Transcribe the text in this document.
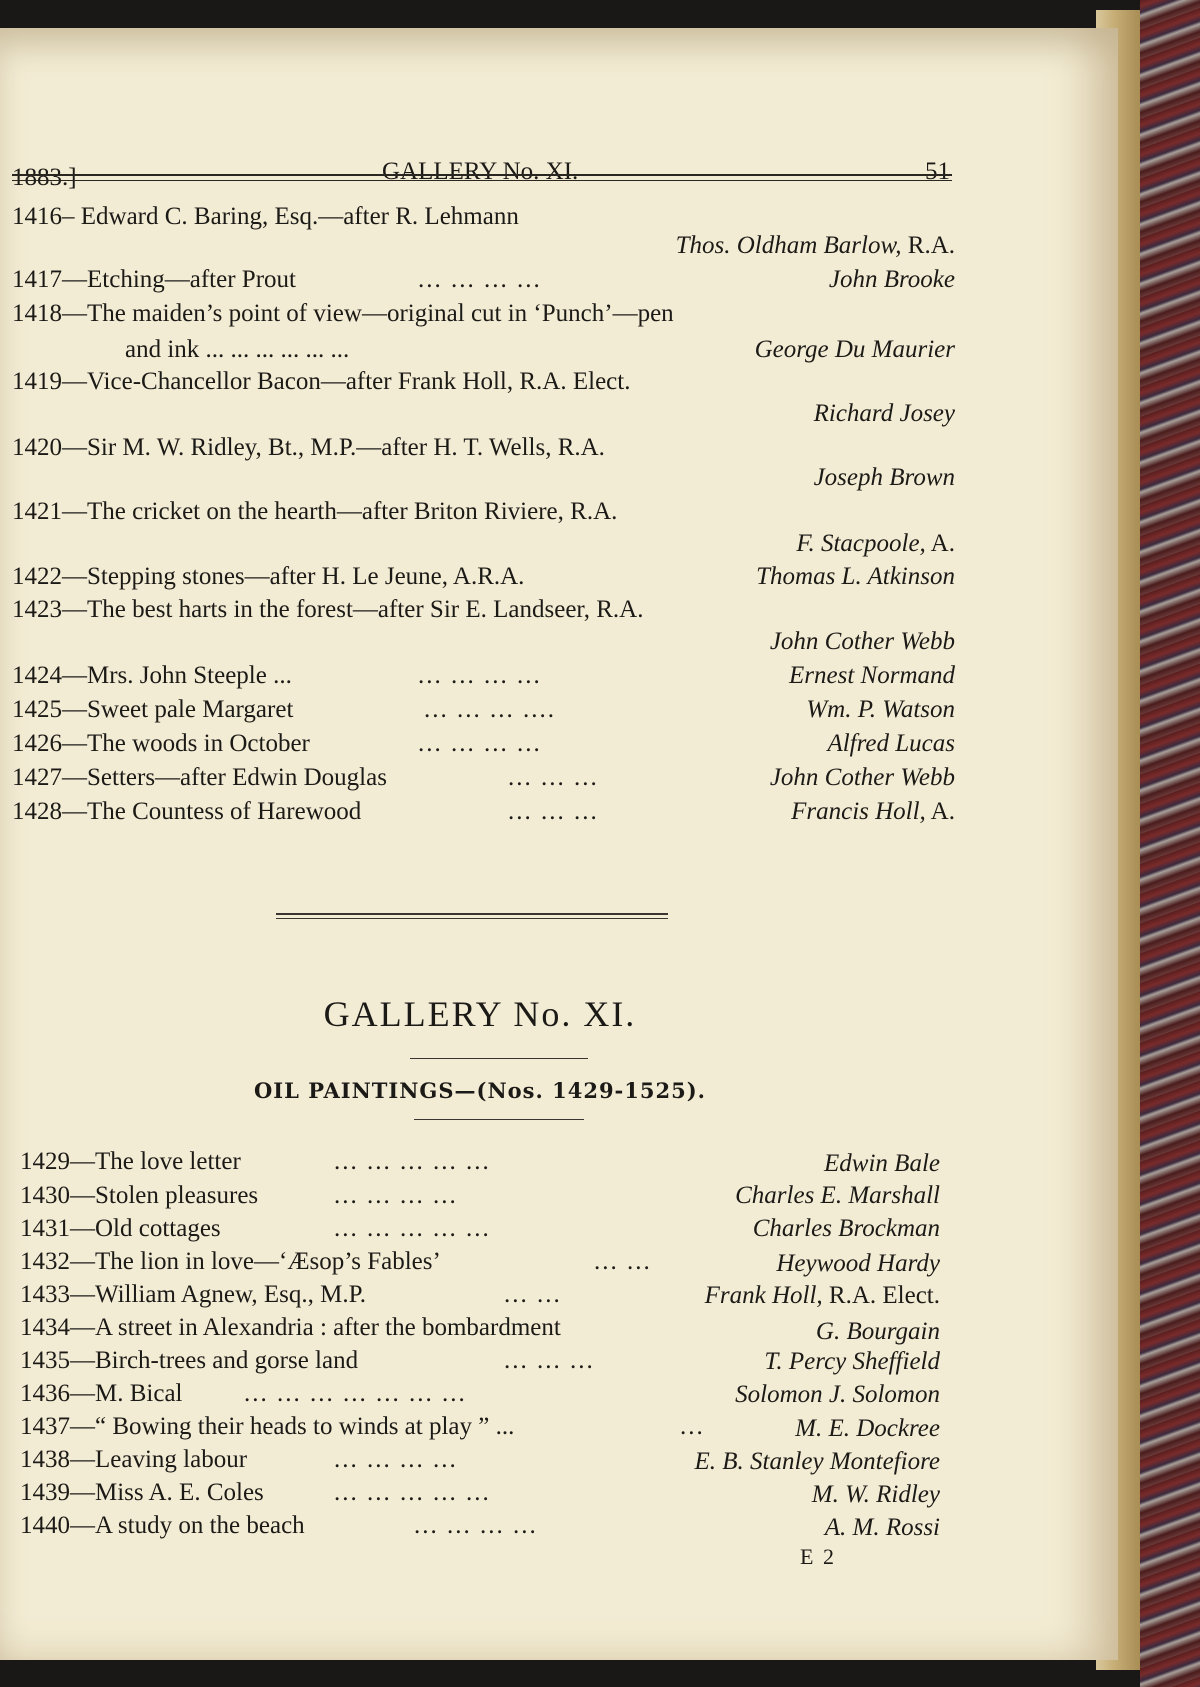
1883.]	GALLERY No. XI.	51
1416– Edward C. Baring, Esq.—after R. Lehmann
Thos. Oldham Barlow, R.A.
1417—Etching—after Prout	... ... ... ...	John Brooke
1418—The maiden’s point of view—original cut in ‘Punch’—pen
and ink ... ... ... ... ... ...	George Du Maurier
1419—Vice-Chancellor Bacon—after Frank Holl, R.A. Elect.
Richard Josey
1420—Sir M. W. Ridley, Bt., M.P.—after H. T. Wells, R.A.
Joseph Brown
1421—The cricket on the hearth—after Briton Riviere, R.A.
F. Stacpoole, A.
1422—Stepping stones—after H. Le Jeune, A.R.A.	Thomas L. Atkinson
1423—The best harts in the forest—after Sir E. Landseer, R.A.
John Cother Webb
1424—Mrs. John Steeple ...	... ... ... ...	Ernest Normand
1425—Sweet pale Margaret	... ... ... ....	Wm. P. Watson
1426—The woods in October	... ... ... ...	Alfred Lucas
1427—Setters—after Edwin Douglas	... ... ...	John Cother Webb
1428—The Countess of Harewood	... ... ...	Francis Holl, A.
GALLERY No. XI.
OIL PAINTINGS—(Nos. 1429-1525).
1429—The love letter	... ... ... ... ...	Edwin Bale
1430—Stolen pleasures	... ... ... ...	Charles E. Marshall
1431—Old cottages	... ... ... ... ...	Charles Brockman
1432—The lion in love—‘Æsop’s Fables’	... ...	Heywood Hardy
1433—William Agnew, Esq., M.P.	... ...	Frank Holl, R.A. Elect.
1434—A street in Alexandria : after the bombardment	G. Bourgain
1435—Birch-trees and gorse land	... ... ...	T. Percy Sheffield
1436—M. Bical ... ... ... ... ... ... ...	Solomon J. Solomon
1437—“ Bowing their heads to winds at play ” ...	...	M. E. Dockree
1438—Leaving labour	... ... ... ...	E. B. Stanley Montefiore
1439—Miss A. E. Coles	... ... ... ... ...	M. W. Ridley
1440—A study on the beach	... ... ... ...	A. M. Rossi
E 2
